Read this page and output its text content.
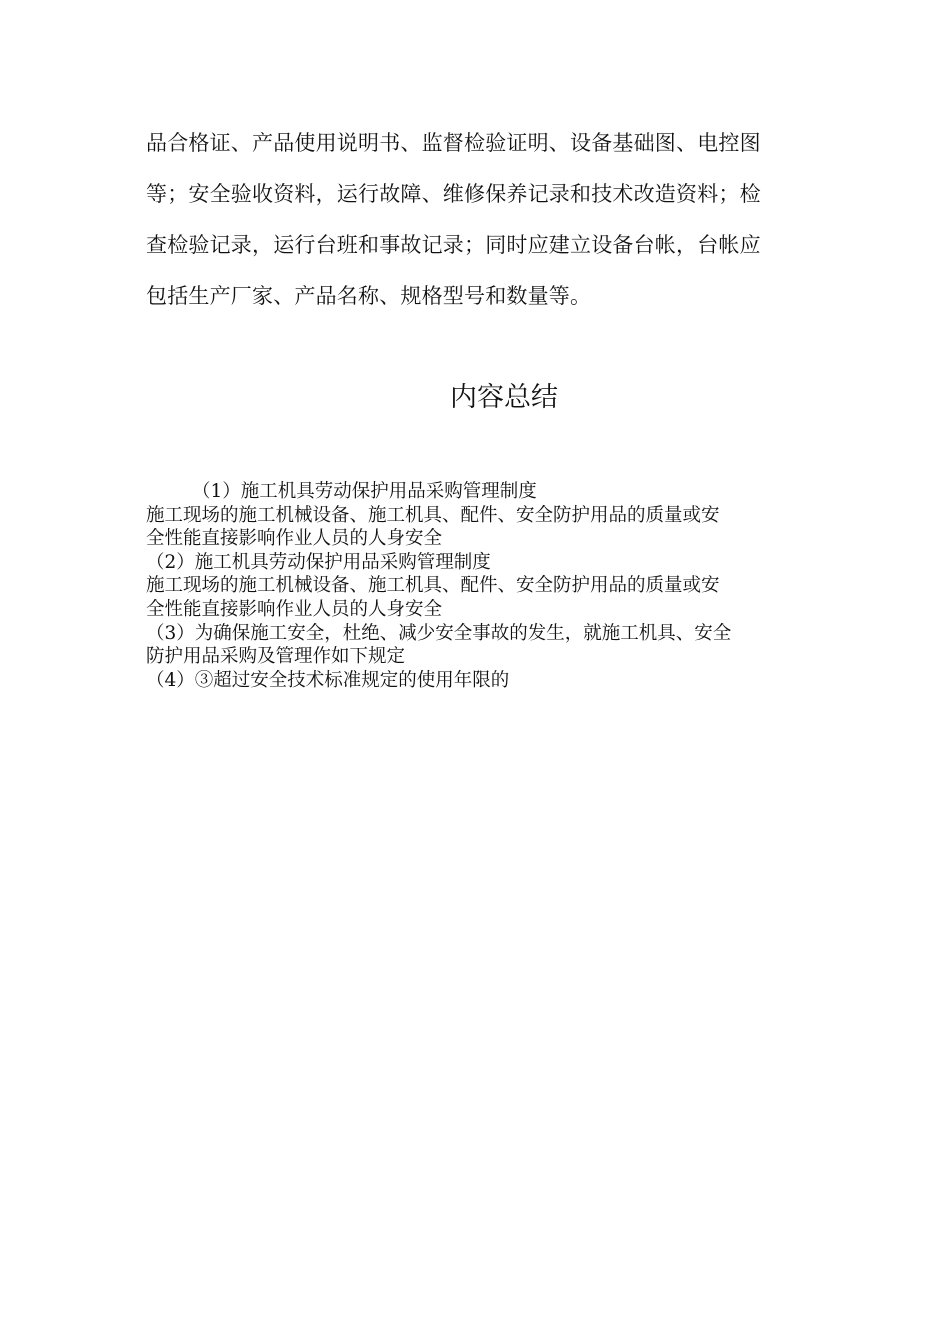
品合格证、产品使用说明书、监督检验证明、设备基础图、电控图

等；安全验收资料，运行故障、维修保养记录和技术改造资料；检

查检验记录，运行台班和事故记录；同时应建立设备台帐，台帐应

包括生产厂家、产品名称、规格型号和数量等。

内容总结

（1）施工机具劳动保护用品采购管理制度

施工现场的施工机械设备、施工机具、配件、安全防护用品的质量或安

全性能直接影响作业人员的人身安全

（2）施工机具劳动保护用品采购管理制度

施工现场的施工机械设备、施工机具、配件、安全防护用品的质量或安

全性能直接影响作业人员的人身安全

（3）为确保施工安全，杜绝、减少安全事故的发生，就施工机具、安全

防护用品采购及管理作如下规定

（4）③超过安全技术标准规定的使用年限的
